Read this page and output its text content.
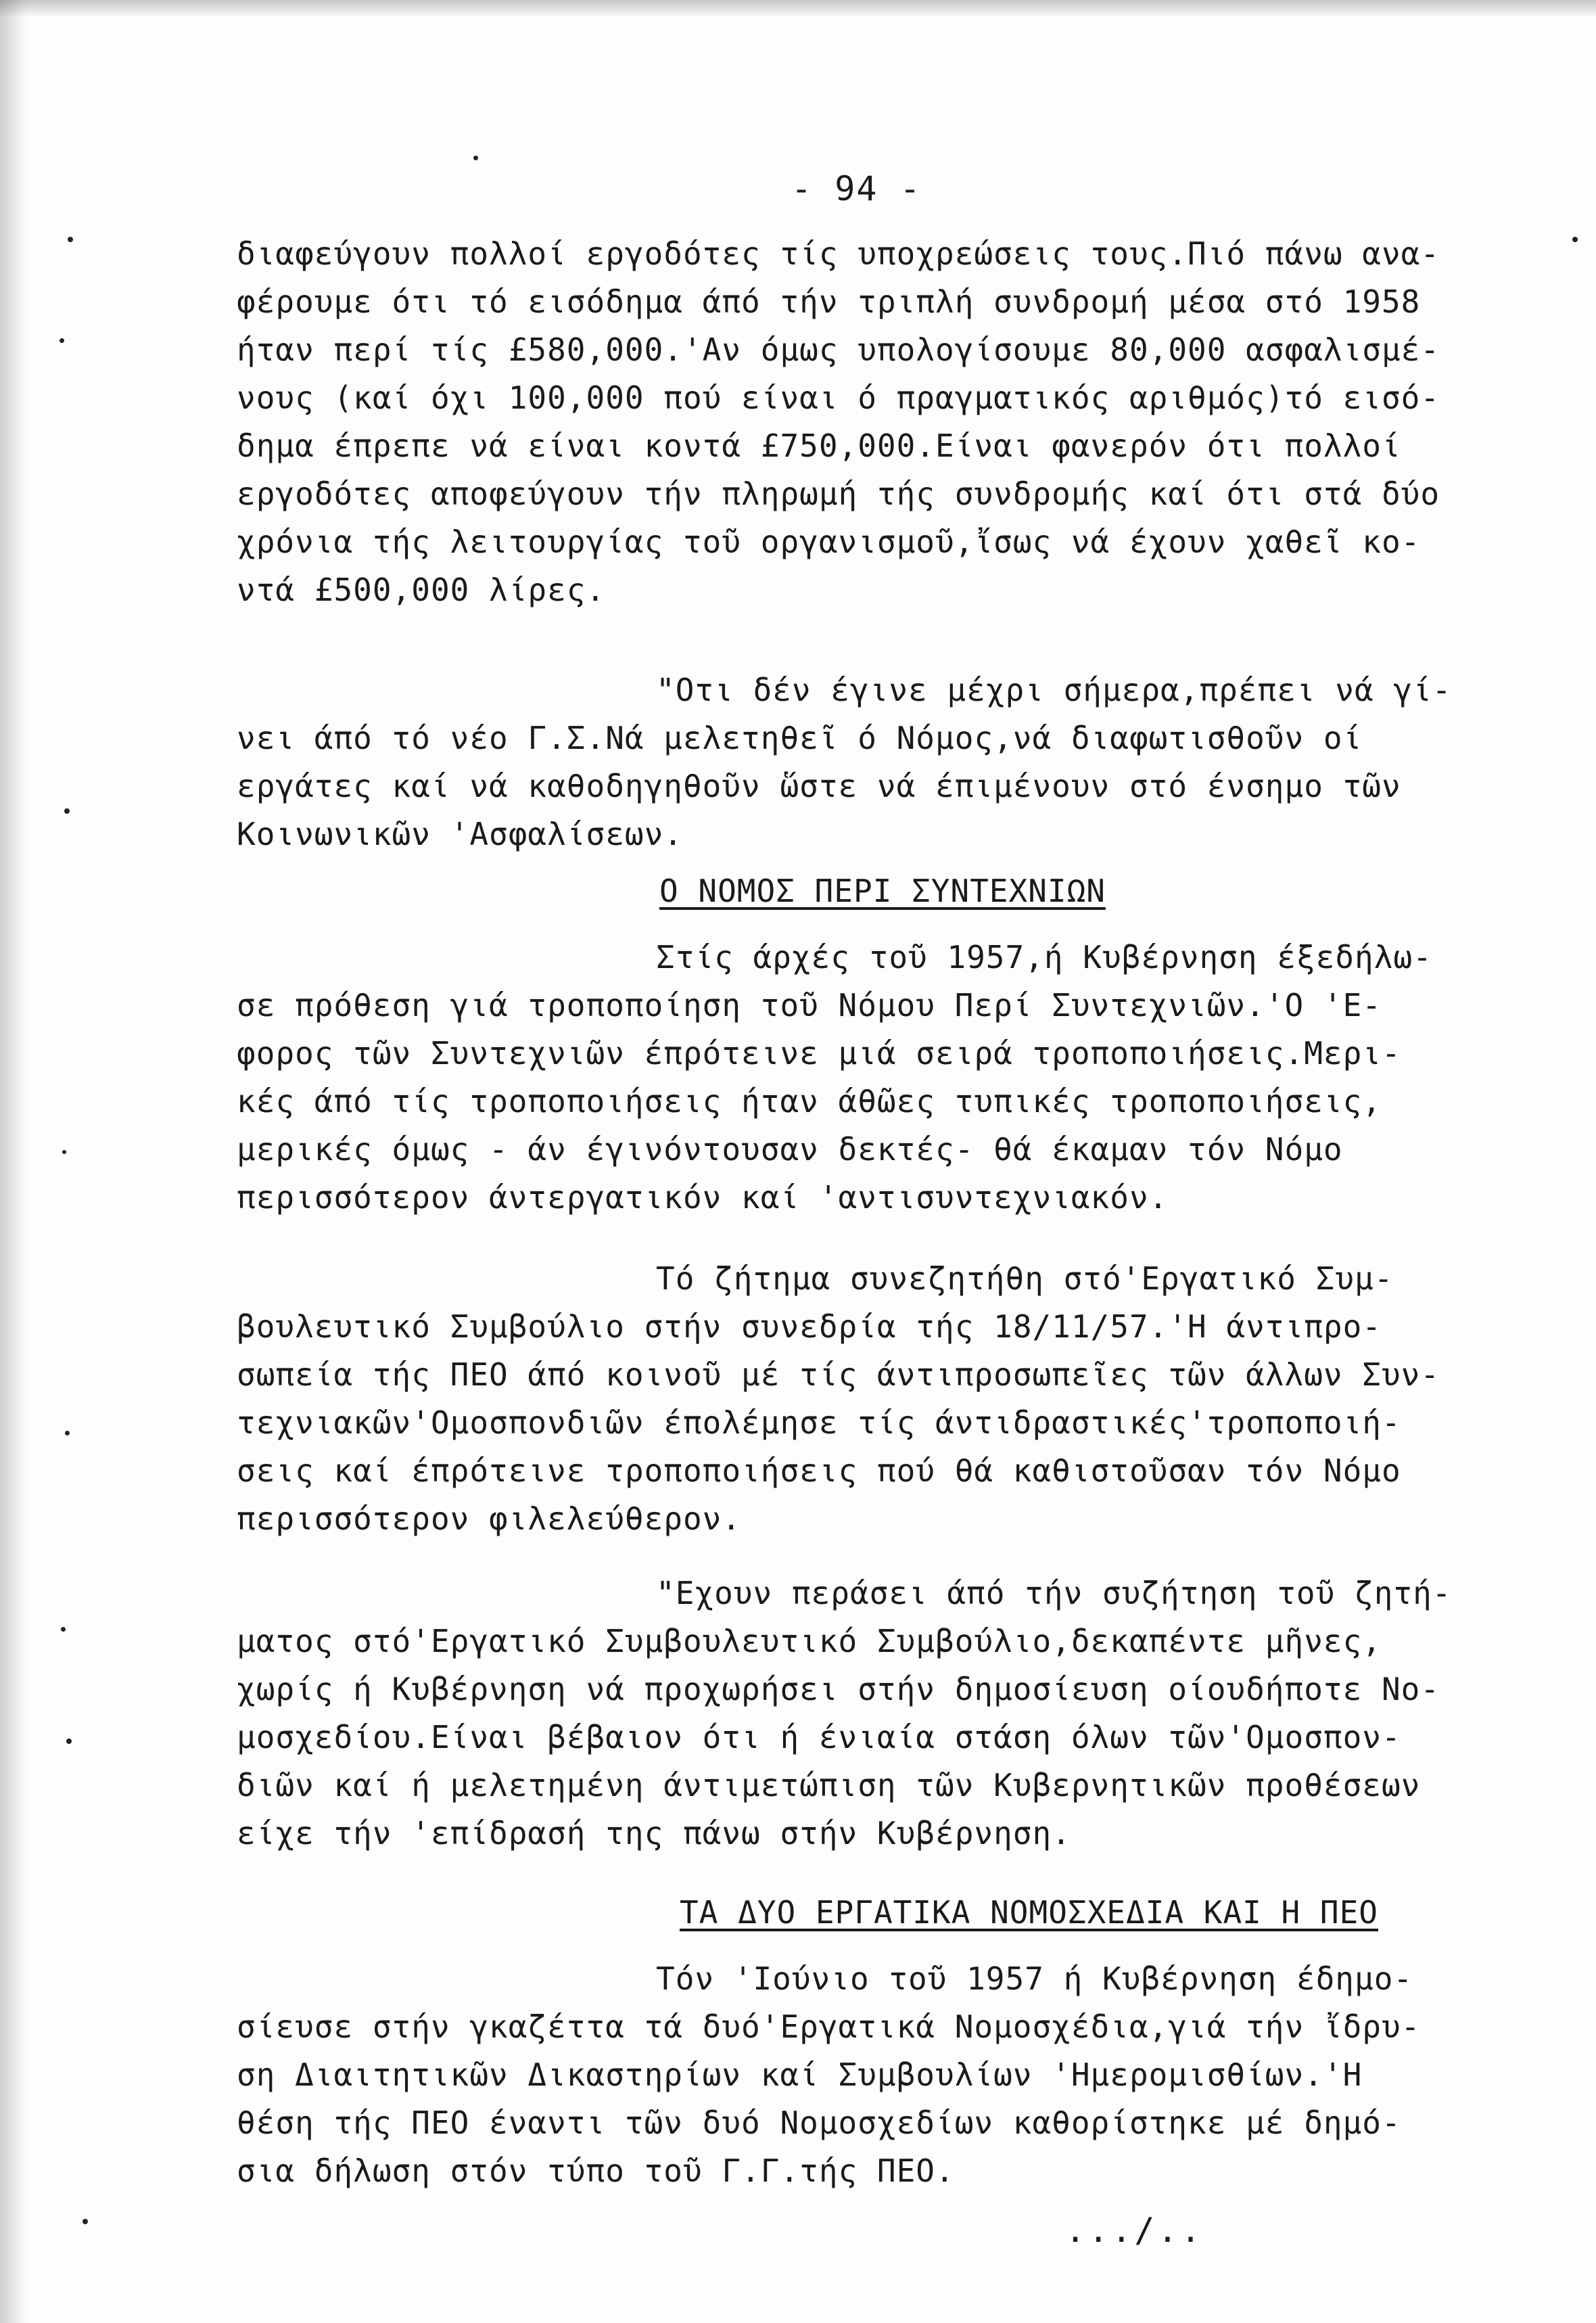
- 94 -

διαφεύγουν πολλοί εργοδότες τίς υποχρεώσεις τους.Πιό πάνω ανα-
φέρουμε ότι τό εισόδημα άπό τήν τριπλή συνδρομή μέσα στό 1958
ήταν περί τίς £580,000.'Αν όμως υπολογίσουμε 80,000 ασφαλισμέ-
νους (καί όχι 100,000 πού είναι ό πραγματικός αριθμός)τό εισό-
δημα έπρεπε νά είναι κοντά £750,000.Είναι φανερόν ότι πολλοί
εργοδότες αποφεύγουν τήν πληρωμή τής συνδρομής καί ότι στά δύο
χρόνια τής λειτουργίας τοῦ οργανισμοῦ,ἴσως νά έχουν χαθεῖ κο-
ντά £500,000 λίρες.

"Οτι δέν έγινε μέχρι σήμερα,πρέπει νά γί-
νει άπό τό νέο Γ.Σ.Νά μελετηθεῖ ό Νόμος,νά διαφωτισθοῦν οί
εργάτες καί νά καθοδηγηθοῦν ὥστε νά έπιμένουν στό ένσημο τῶν
Κοινωνικῶν 'Ασφαλίσεων.

Ο ΝΟΜΟΣ ΠΕΡΙ ΣΥΝΤΕΧΝΙΩΝ

Στίς άρχές τοῦ 1957,ή Κυβέρνηση έξεδήλω-
σε πρόθεση γιά τροποποίηση τοῦ Νόμου Περί Συντεχνιῶν.'Ο 'Ε-
φορος τῶν Συντεχνιῶν έπρότεινε μιά σειρά τροποποιήσεις.Μερι-
κές άπό τίς τροποποιήσεις ήταν άθῶες τυπικές τροποποιήσεις,
μερικές όμως - άν έγινόντουσαν δεκτές- θά έκαμαν τόν Νόμο
περισσότερον άντεργατικόν καί 'αντισυντεχνιακόν.

Τό ζήτημα συνεζητήθη στό'Εργατικό Συμ-
βουλευτικό Συμβούλιο στήν συνεδρία τής 18/11/57.'Η άντιπρο-
σωπεία τής ΠΕΟ άπό κοινοῦ μέ τίς άντιπροσωπεῖες τῶν άλλων Συν-
τεχνιακῶν'Ομοσπονδιῶν έπολέμησε τίς άντιδραστικές'τροποποιή-
σεις καί έπρότεινε τροποποιήσεις πού θά καθιστοῦσαν τόν Νόμο
περισσότερον φιλελεύθερον.

"Εχουν περάσει άπό τήν συζήτηση τοῦ ζητή-
ματος στό'Εργατικό Συμβουλευτικό Συμβούλιο,δεκαπέντε μῆνες,
χωρίς ή Κυβέρνηση νά προχωρήσει στήν δημοσίευση οίουδήποτε Νο-
μοσχεδίου.Είναι βέβαιον ότι ή ένιαία στάση όλων τῶν'Ομοσπον-
διῶν καί ή μελετημένη άντιμετώπιση τῶν Κυβερνητικῶν προθέσεων
είχε τήν 'επίδρασή της πάνω στήν Κυβέρνηση.

ΤΑ ΔΥΟ ΕΡΓΑΤΙΚΑ ΝΟΜΟΣΧΕΔΙΑ ΚΑΙ Η ΠΕΟ

Τόν 'Ιούνιο τοῦ 1957 ή Κυβέρνηση έδημο-
σίευσε στήν γκαζέττα τά δυό'Εργατικά Νομοσχέδια,γιά τήν ἴδρυ-
ση Διαιτητικῶν Δικαστηρίων καί Συμβουλίων 'Ημερομισθίων.'Η
θέση τής ΠΕΟ έναντι τῶν δυό Νομοσχεδίων καθορίστηκε μέ δημό-
σια δήλωση στόν τύπο τοῦ Γ.Γ.τής ΠΕΟ.

.../..
